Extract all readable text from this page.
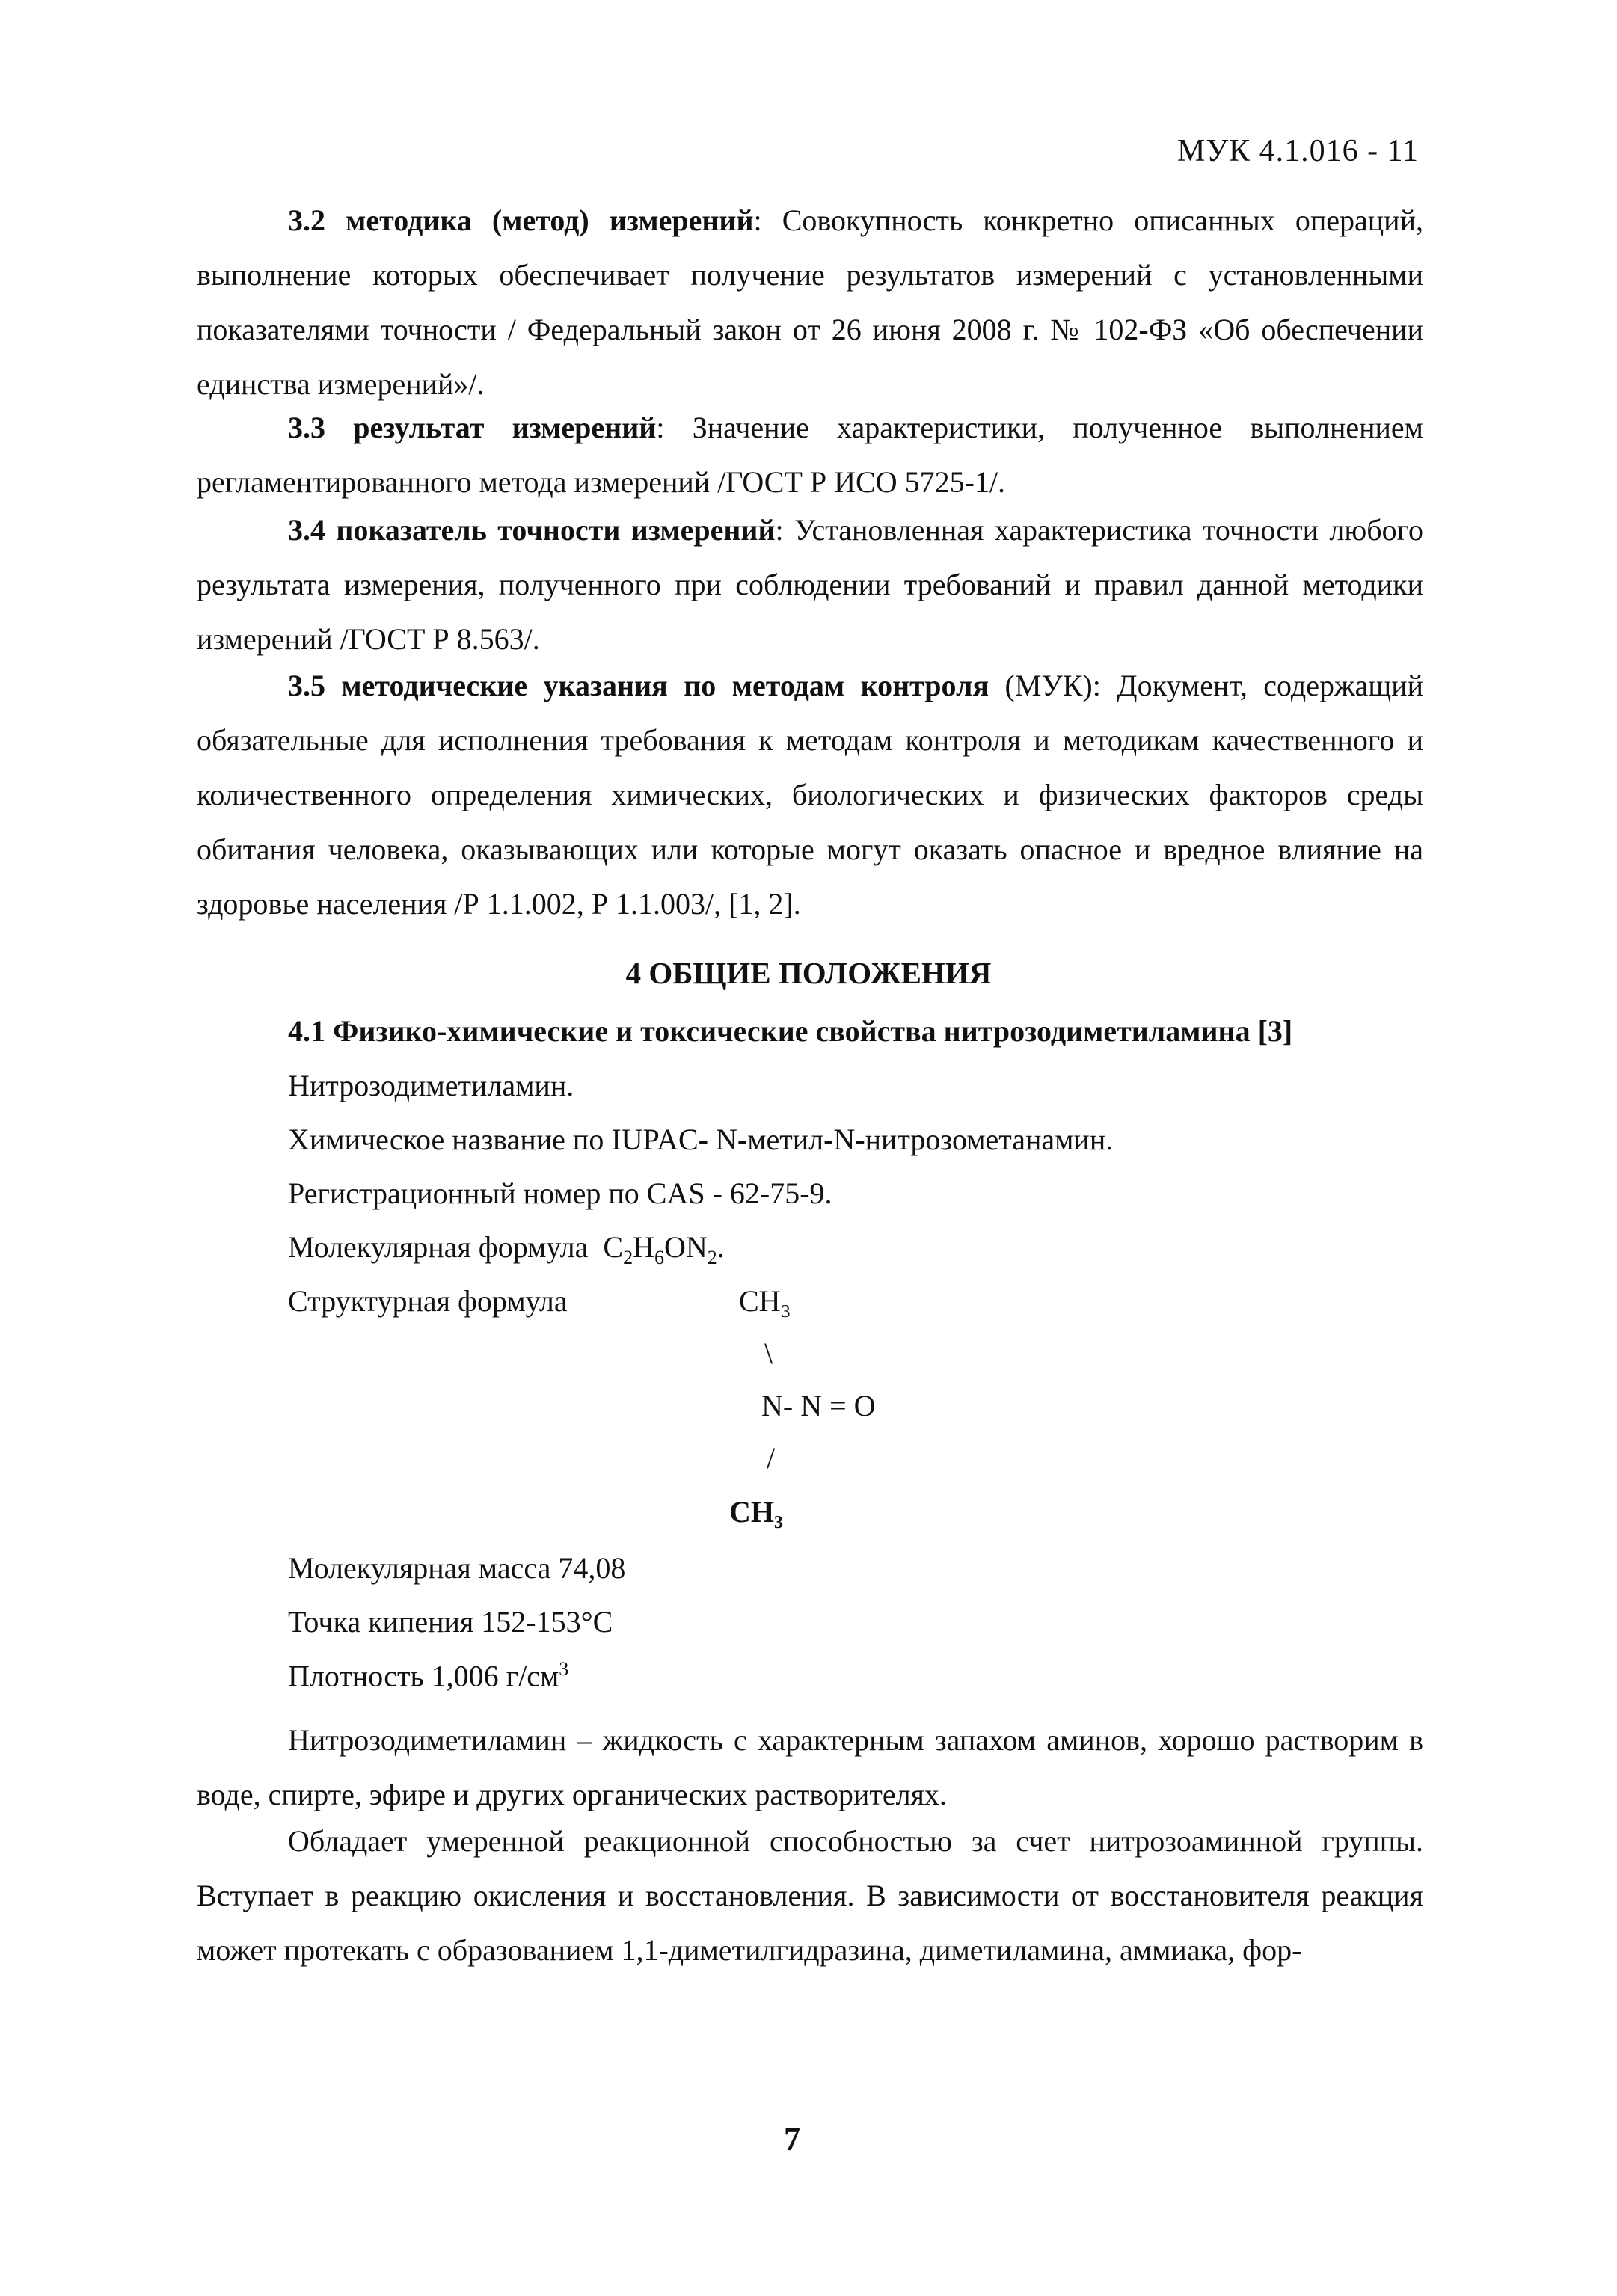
МУК 4.1.016 - 11
3.2 методика (метод) измерений: Совокупность конкретно описанных операций, выполнение которых обеспечивает получение результатов измерений с установленными показателями точности / Федеральный закон от 26 июня 2008 г. № 102-ФЗ «Об обеспечении единства измерений»/.
3.3 результат измерений: Значение характеристики, полученное выполнением регламентированного метода измерений /ГОСТ Р ИСО 5725-1/.
3.4 показатель точности измерений: Установленная характеристика точности любого результата измерения, полученного при соблюдении требований и правил данной методики измерений /ГОСТ Р 8.563/.
3.5 методические указания по методам контроля (МУК): Документ, содержащий обязательные для исполнения требования к методам контроля и методикам качественного и количественного определения химических, биологических и физических факторов среды обитания человека, оказывающих или которые могут оказать опасное и вредное влияние на здоровье населения /Р 1.1.002, Р 1.1.003/, [1, 2].
4 ОБЩИЕ ПОЛОЖЕНИЯ
4.1 Физико-химические и токсические свойства нитрозодиметиламина [3]
Нитрозодиметиламин.
Химическое название по IUPAC- N-метил-N-нитрозометанамин.
Регистрационный номер по CAS - 62-75-9.
Молекулярная формула $C_2H_6ON_2$.
Структурная формула	CH₃
\
N- N = O
/
CH₃
Молекулярная масса 74,08
Точка кипения 152-153°С
Плотность 1,006 $г/см^3$
Нитрозодиметиламин – жидкость с характерным запахом аминов, хорошо растворим в воде, спирте, эфире и других органических растворителях.
Обладает умеренной реакционной способностью за счет нитрозоаминной группы. Вступает в реакцию окисления и восстановления. В зависимости от восстановителя реакция может протекать с образованием 1,1-диметилгидразина, диметиламина, аммиака, фор-
7
